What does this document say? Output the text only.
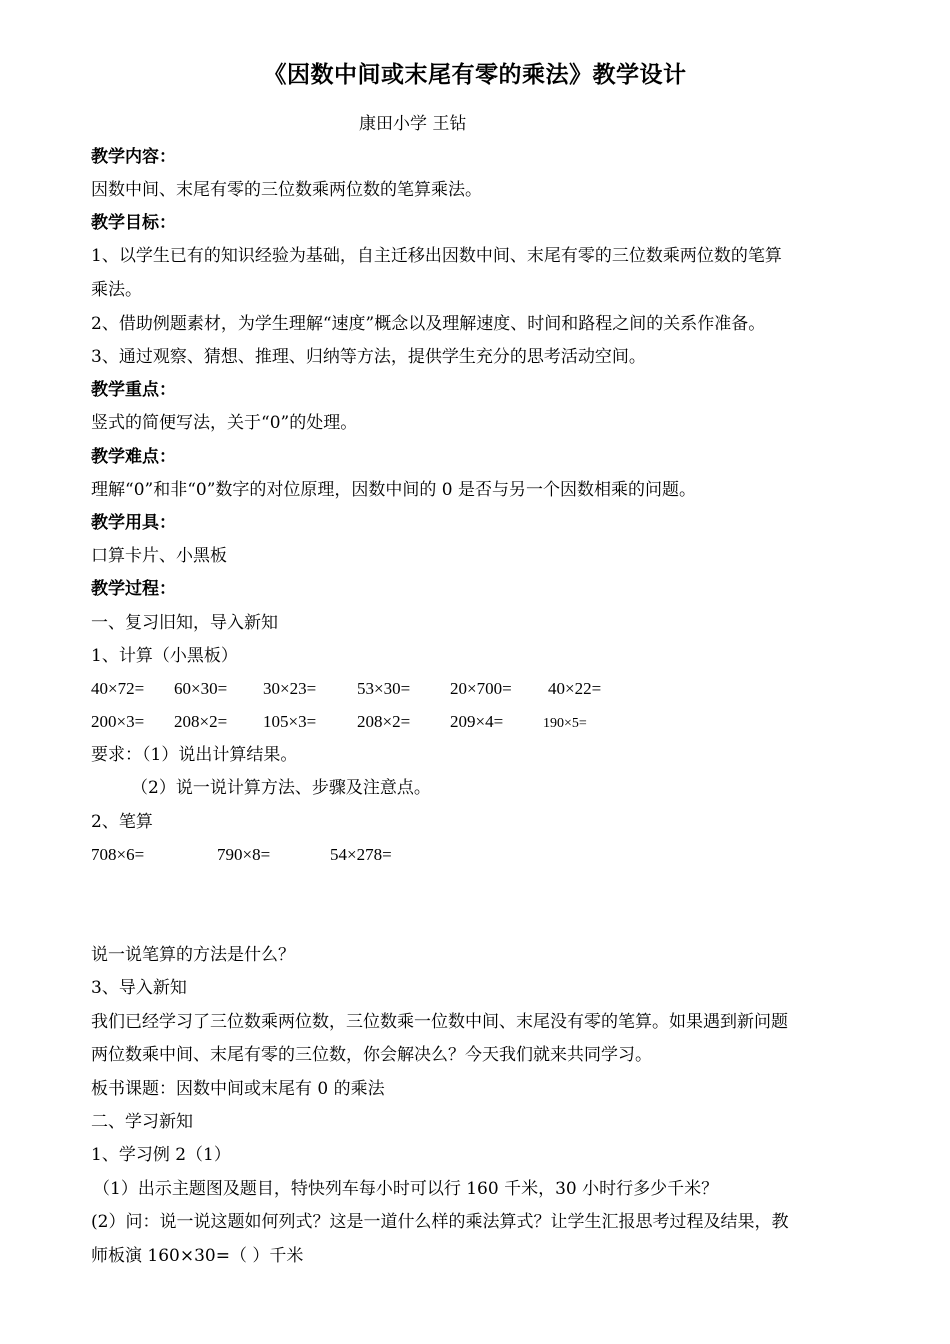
《因数中间或末尾有零的乘法》教学设计
康田小学 王钻
教学内容：
因数中间、末尾有零的三位数乘两位数的笔算乘法。
教学目标：
1、以学生已有的知识经验为基础，自主迁移出因数中间、末尾有零的三位数乘两位数的笔算
乘法。
2、借助例题素材，为学生理解“速度”概念以及理解速度、时间和路程之间的关系作准备。
3、通过观察、猜想、推理、归纳等方法，提供学生充分的思考活动空间。
教学重点：
竖式的简便写法，关于“0”的处理。
教学难点：
理解“0”和非“0”数字的对位原理，因数中间的 0 是否与另一个因数相乘的问题。
教学用具：
口算卡片、小黑板
教学过程：
一、复习旧知，导入新知
1、计算（小黑板）
40×72= 60×30= 30×23= 53×30= 20×700= 40×22=
200×3= 208×2= 105×3= 208×2= 209×4=	190×5=
要求：（1）说出计算结果。
（2）说一说计算方法、步骤及注意点。
2、笔算
708×6=	790×8=	54×278=
说一说笔算的方法是什么？
3、导入新知
我们已经学习了三位数乘两位数，三位数乘一位数中间、末尾没有零的笔算。如果遇到新问题
两位数乘中间、末尾有零的三位数，你会解决么？今天我们就来共同学习。
板书课题：因数中间或末尾有 0 的乘法
二、学习新知
1、学习例 2（1）
（1）出示主题图及题目，特快列车每小时可以行 160 千米，30 小时行多少千米？
(2）问：说一说这题如何列式？这是一道什么样的乘法算式？让学生汇报思考过程及结果，教
师板演 160×30=（ ）千米
